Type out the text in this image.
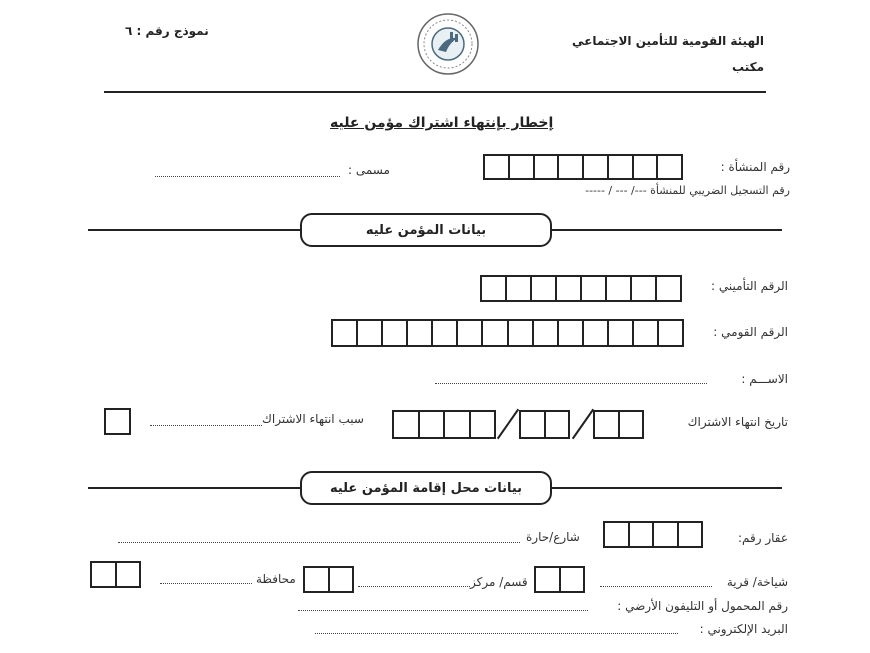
نموذج رقم : ٦
الهيئة القومية للتأمين الاجتماعي
مكتب
إخطار بإنتهاء اشتراك مؤمن عليه
رقم المنشأة :
مسمى :
رقم التسجيل الضريبي للمنشأة ---/ --- / -----
بيانات المؤمن عليه
الرقم التأميني :
الرقم القومي :
الاســـم :
تاريخ انتهاء الاشتراك
سبب انتهاء الاشتراك
بيانات محل إقامة المؤمن عليه
عقار رقم:
شارع/حارة
شياخة/ قرية
قسم/ مركز
محافظة
رقم المحمول أو التليفون الأرضي :
البريد الإلكتروني :
